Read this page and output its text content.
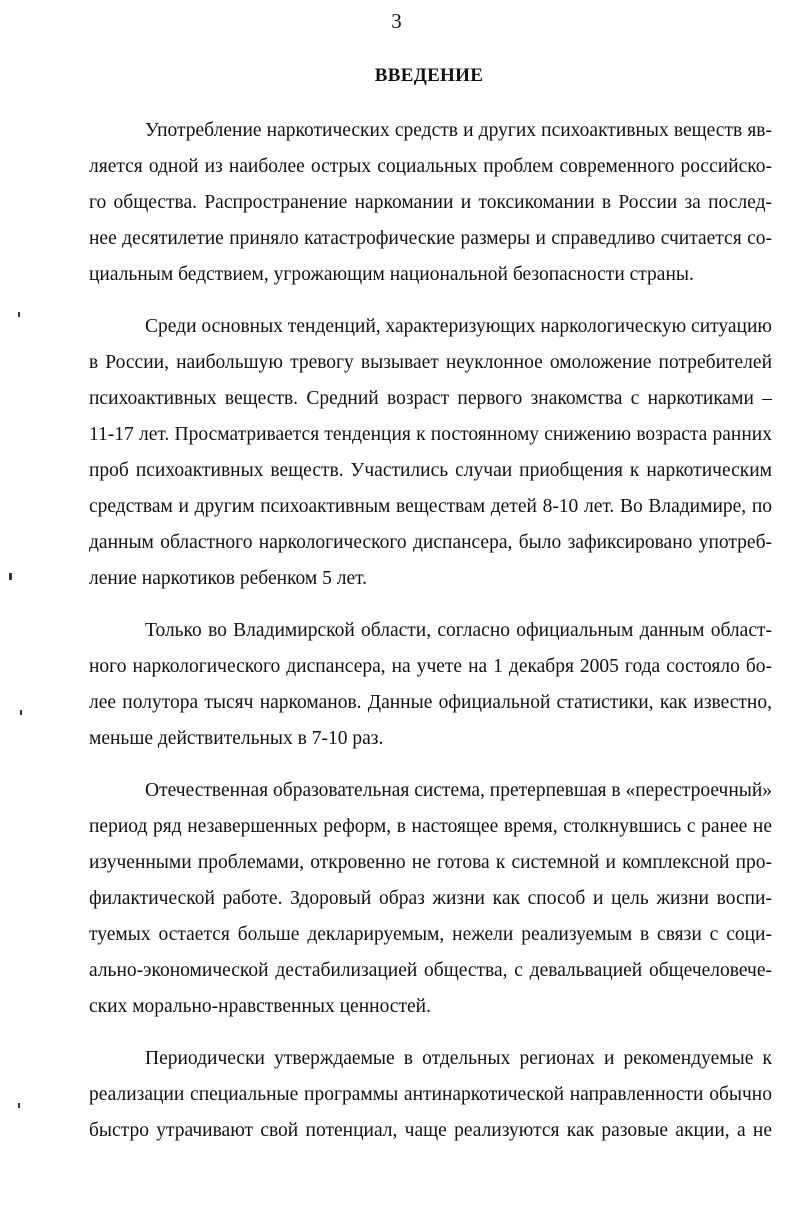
3
ВВЕДЕНИЕ
Употребление наркотических средств и других психоактивных веществ яв-
ляется одной из наиболее острых социальных проблем современного российско-
го общества. Распространение наркомании и токсикомании в России за послед-
нее десятилетие приняло катастрофические размеры и справедливо считается со-
циальным бедствием, угрожающим национальной безопасности страны.
Среди основных тенденций, характеризующих наркологическую ситуацию
в России, наибольшую тревогу вызывает неуклонное омоложение потребителей
психоактивных веществ. Средний возраст первого знакомства с наркотиками –
11-17 лет. Просматривается тенденция к постоянному снижению возраста ранних
проб психоактивных веществ. Участились случаи приобщения к наркотическим
средствам и другим психоактивным веществам детей 8-10 лет. Во Владимире, по
данным областного наркологического диспансера, было зафиксировано употреб-
ление наркотиков ребенком 5 лет.
Только во Владимирской области, согласно официальным данным област-
ного наркологического диспансера, на учете на 1 декабря 2005 года состояло бо-
лее полутора тысяч наркоманов. Данные официальной статистики, как известно,
меньше действительных в 7-10 раз.
Отечественная образовательная система, претерпевшая в «перестроечный»
период ряд незавершенных реформ, в настоящее время, столкнувшись с ранее не
изученными проблемами, откровенно не готова к системной и комплексной про-
филактической работе. Здоровый образ жизни как способ и цель жизни воспи-
туемых остается больше декларируемым, нежели реализуемым в связи с соци-
ально-экономической дестабилизацией общества, с девальвацией общечеловече-
ских морально-нравственных ценностей.
Периодически утверждаемые в отдельных регионах и рекомендуемые к
реализации специальные программы антинаркотической направленности обычно
быстро утрачивают свой потенциал, чаще реализуются как разовые акции, а не
